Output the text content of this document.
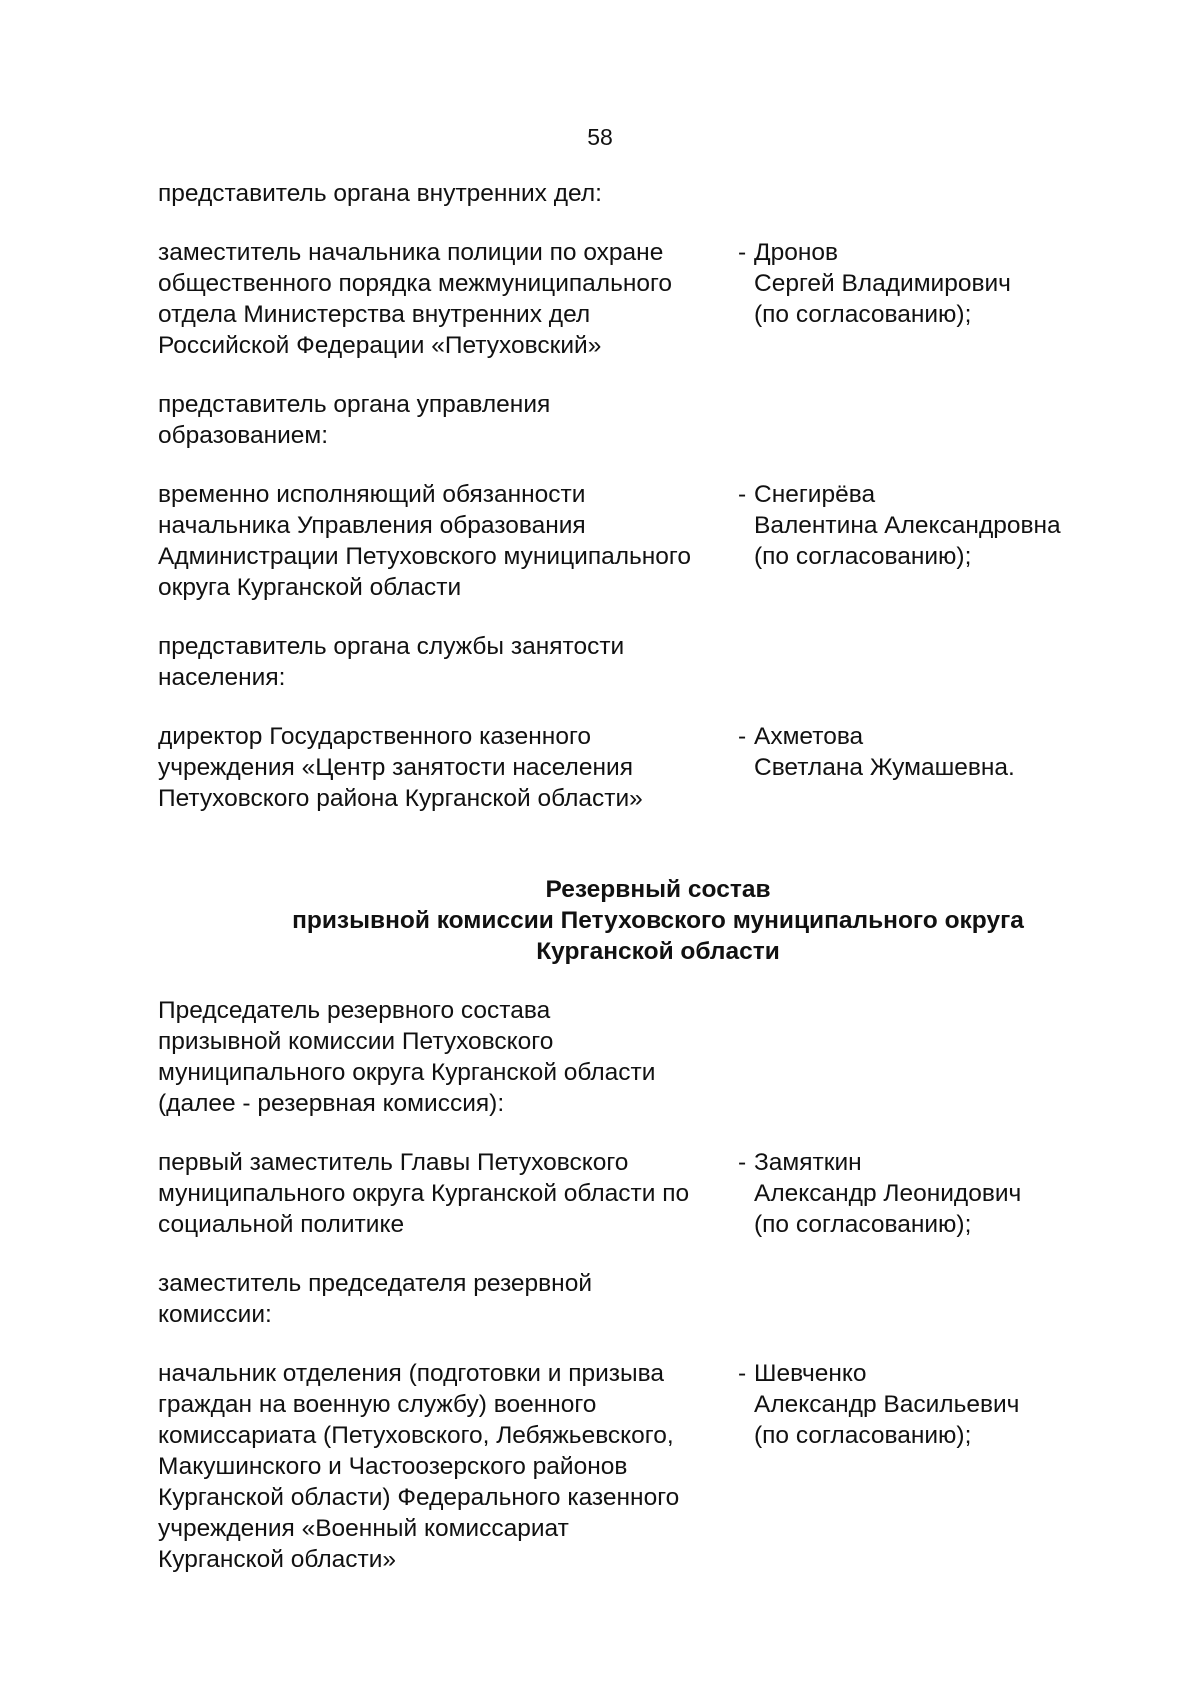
58
представитель органа внутренних дел:
заместитель начальника полиции по охране
общественного порядка межмуниципального
отдела Министерства внутренних дел
Российской Федерации «Петуховский»
- Дронов
Сергей Владимирович
(по согласованию);
представитель органа управления
образованием:
временно исполняющий обязанности
начальника Управления образования
Администрации Петуховского муниципального
округа Курганской области
- Снегирёва
Валентина Александровна
(по согласованию);
представитель органа службы занятости
населения:
директор Государственного казенного
учреждения «Центр занятости населения
Петуховского района Курганской области»
- Ахметова
Светлана Жумашевна.
Резервный состав
призывной комиссии Петуховского муниципального округа
Курганской области
Председатель резервного состава
призывной комиссии Петуховского
муниципального округа Курганской области
(далее - резервная комиссия):
первый заместитель Главы Петуховского
муниципального округа Курганской области по
социальной политике
- Замяткин
Александр Леонидович
(по согласованию);
заместитель председателя резервной
комиссии:
начальник отделения (подготовки и призыва
граждан на военную службу) военного
комиссариата (Петуховского, Лебяжьевского,
Макушинского и Частоозерского районов
Курганской области) Федерального казенного
учреждения «Военный комиссариат
Курганской области»
- Шевченко
Александр Васильевич
(по согласованию);
